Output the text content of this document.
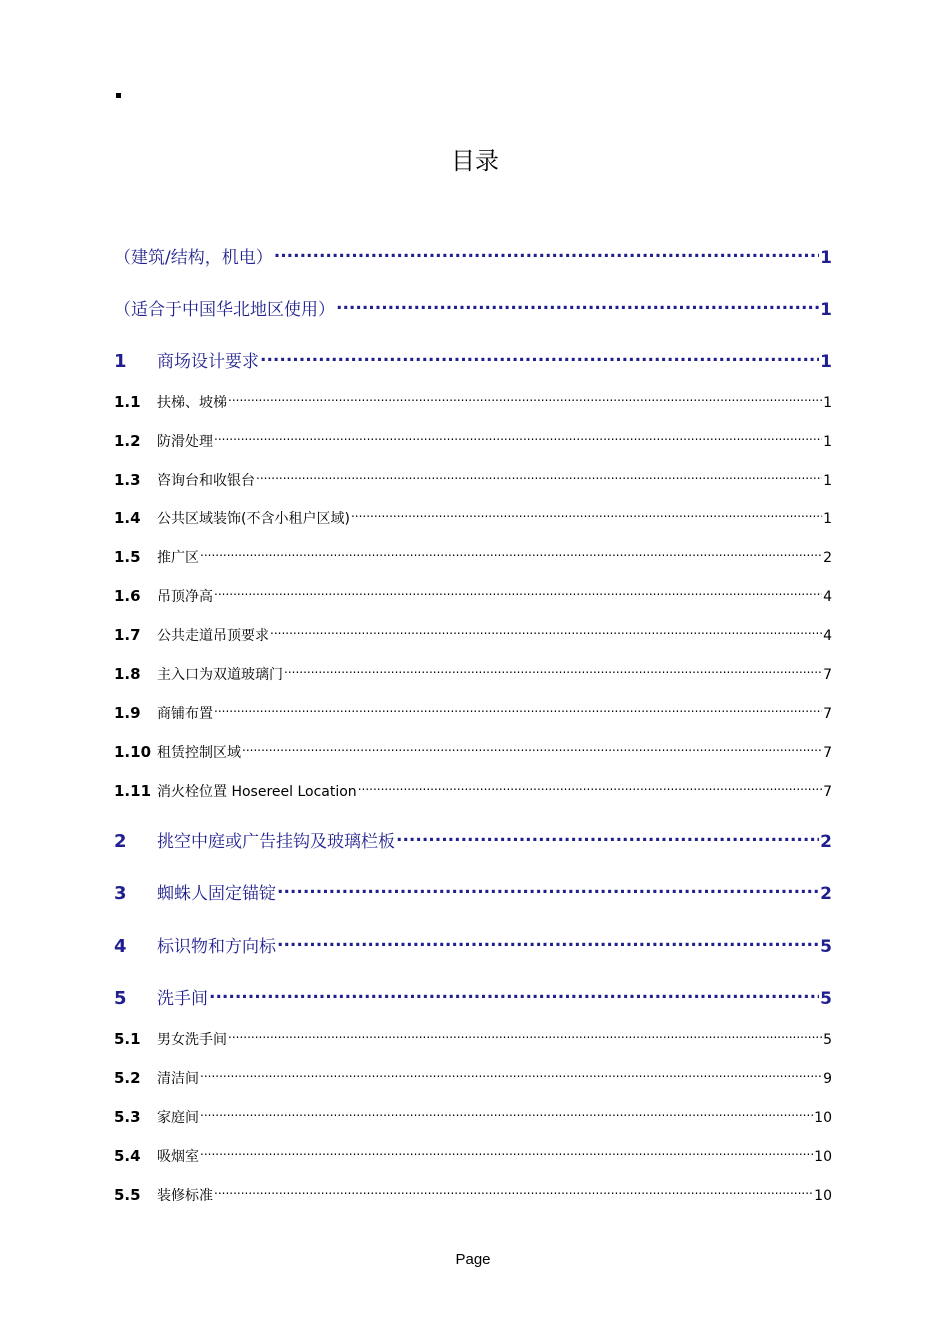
目录
（建筑/结构，机电） .....	1
（适合于中国华北地区使用） .....	1
1	商场设计要求 .....	1
1.1	扶梯、坡梯 .....	1
1.2	防滑处理 .....	1
1.3	咨询台和收银台 .....	1
1.4	公共区域装饰(不含小租户区域) .....	1
1.5	推广区 .....	2
1.6	吊顶净高 .....	4
1.7	公共走道吊顶要求 .....	4
1.8	主入口为双道玻璃门 .....	7
1.9	商铺布置 .....	7
1.10 租赁控制区域 .....	7
1.11 消火栓位置 Hosereel Location .....	7
2	挑空中庭或广告挂钩及玻璃栏板 .....	2
3	蜘蛛人固定锚锭 .....	2
4	标识物和方向标 .....	5
5	洗手间 .....	5
5.1	男女洗手间 .....	5
5.2	清洁间 .....	9
5.3	家庭间 .....	10
5.4	吸烟室 .....	10
5.5	装修标准 .....	10
Page
